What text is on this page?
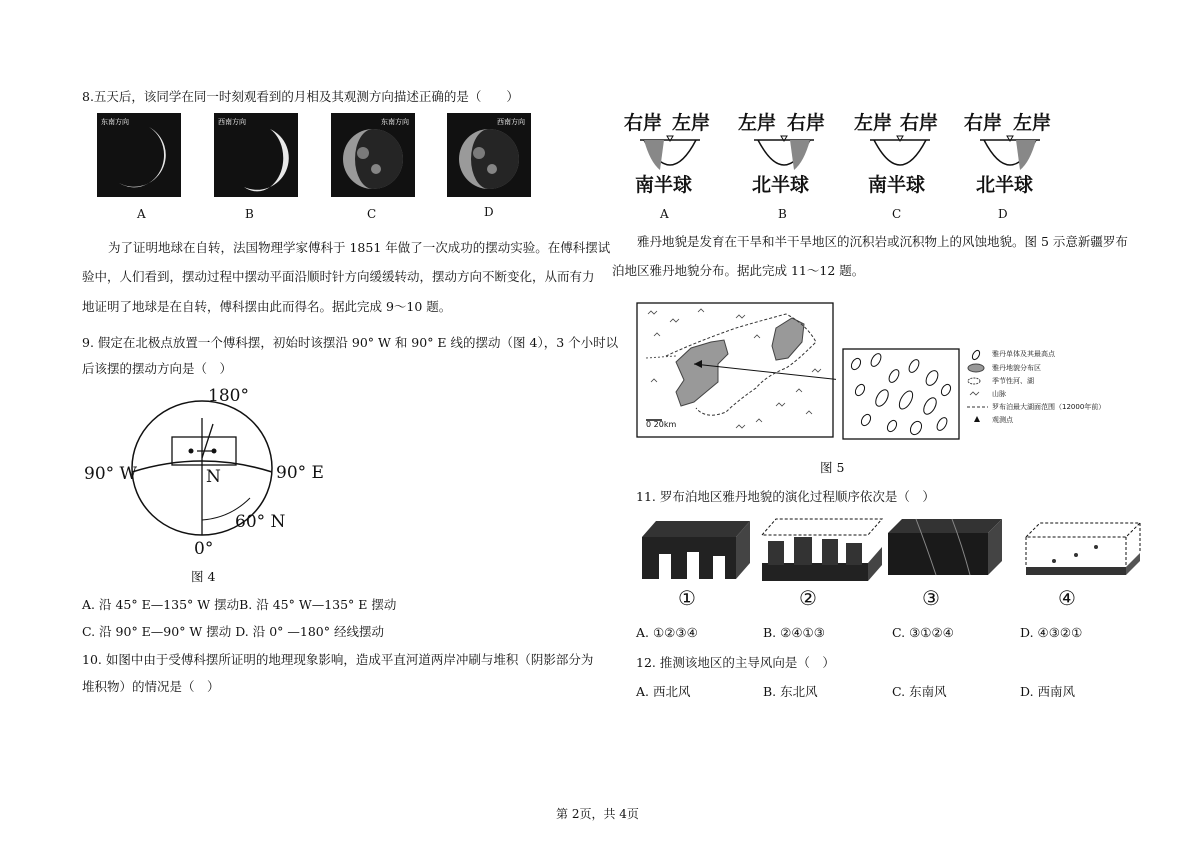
8.五天后，该同学在同一时刻观看到的月相及其观测方向描述正确的是（　　）
东南方向	西南方向	东南方向	西南方向
A	B	C	D
为了证明地球在自转，法国物理学家傅科于 1851 年做了一次成功的摆动实验。在傅科摆试
验中，人们看到，摆动过程中摆动平面沿顺时针方向缓缓转动，摆动方向不断变化，从而有力
地证明了地球是在自转，傅科摆由此而得名。据此完成 9～10 题。
9. 假定在北极点放置一个傅科摆，初始时该摆沿 90° W 和 90° E 线的摆动（图 4），3 个小时以
后该摆的摆动方向是（　）
180°
90° W	90° E
N
60° N
0°
图 4
A. 沿 45° E—135° W 摆动B. 沿 45° W—135° E 摆动
C. 沿 90° E—90° W 摆动 D. 沿 0° —180° 经线摆动
10. 如图中由于受傅科摆所证明的地理现象影响，造成平直河道两岸冲刷与堆积（阴影部分为
堆积物）的情况是（　）
右岸 左岸 左岸 右岸 左岸 右岸 右岸 左岸
南半球	北半球	南半球	北半球
A	B	C	D
雅丹地貌是发育在干旱和半干旱地区的沉积岩或沉积物上的风蚀地貌。图 5 示意新疆罗布
泊地区雅丹地貌分布。据此完成 11～12 题。
0 20km
雅丹单体及其最高点
雅丹地貌分布区
季节性河、湖
山脉
罗布泊最大湖面范围（12000年前）
观测点
图 5
11. 罗布泊地区雅丹地貌的演化过程顺序依次是（　）
①	②	③	④
A. ①②③④	B. ②④①③	C. ③①②④	D. ④③②①
12. 推测该地区的主导风向是（　）
A. 西北风	B. 东北风	C. 东南风	D. 西南风
第 2页，共 4页
